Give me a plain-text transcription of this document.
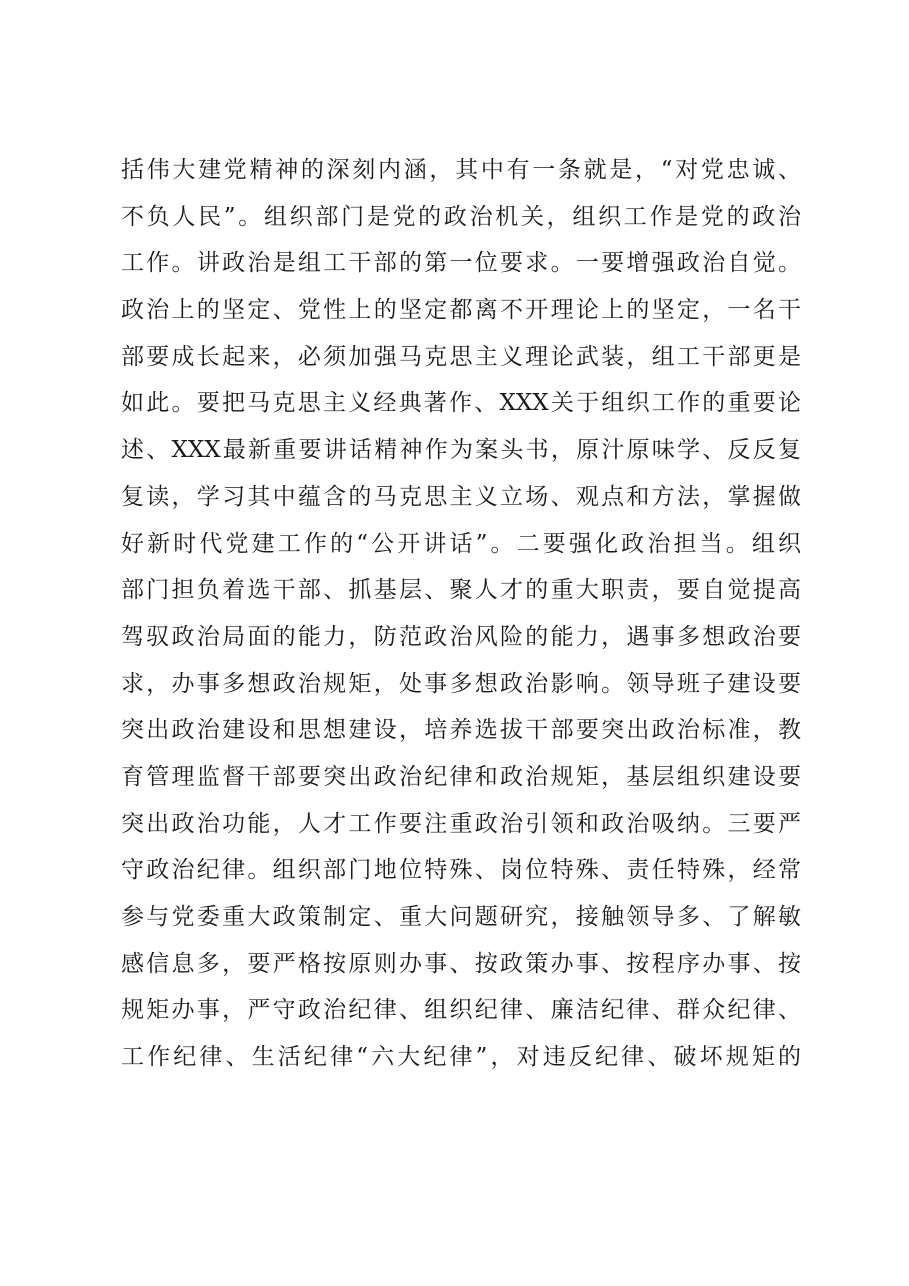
括伟大建党精神的深刻内涵，其中有一条就是，“对党忠诚、
不负人民”。组织部门是党的政治机关，组织工作是党的政治
工作。讲政治是组工干部的第一位要求。一要增强政治自觉。
政治上的坚定、党性上的坚定都离不开理论上的坚定，一名干
部要成长起来，必须加强马克思主义理论武装，组工干部更是
如此。要把马克思主义经典著作、XXX关于组织工作的重要论
述、XXX最新重要讲话精神作为案头书，原汁原味学、反反复
复读，学习其中蕴含的马克思主义立场、观点和方法，掌握做
好新时代党建工作的“公开讲话”。二要强化政治担当。组织
部门担负着选干部、抓基层、聚人才的重大职责，要自觉提高
驾驭政治局面的能力，防范政治风险的能力，遇事多想政治要
求，办事多想政治规矩，处事多想政治影响。领导班子建设要
突出政治建设和思想建设，培养选拔干部要突出政治标准，教
育管理监督干部要突出政治纪律和政治规矩，基层组织建设要
突出政治功能，人才工作要注重政治引领和政治吸纳。三要严
守政治纪律。组织部门地位特殊、岗位特殊、责任特殊，经常
参与党委重大政策制定、重大问题研究，接触领导多、了解敏
感信息多，要严格按原则办事、按政策办事、按程序办事、按
规矩办事，严守政治纪律、组织纪律、廉洁纪律、群众纪律、
工作纪律、生活纪律“六大纪律”，对违反纪律、破坏规矩的
